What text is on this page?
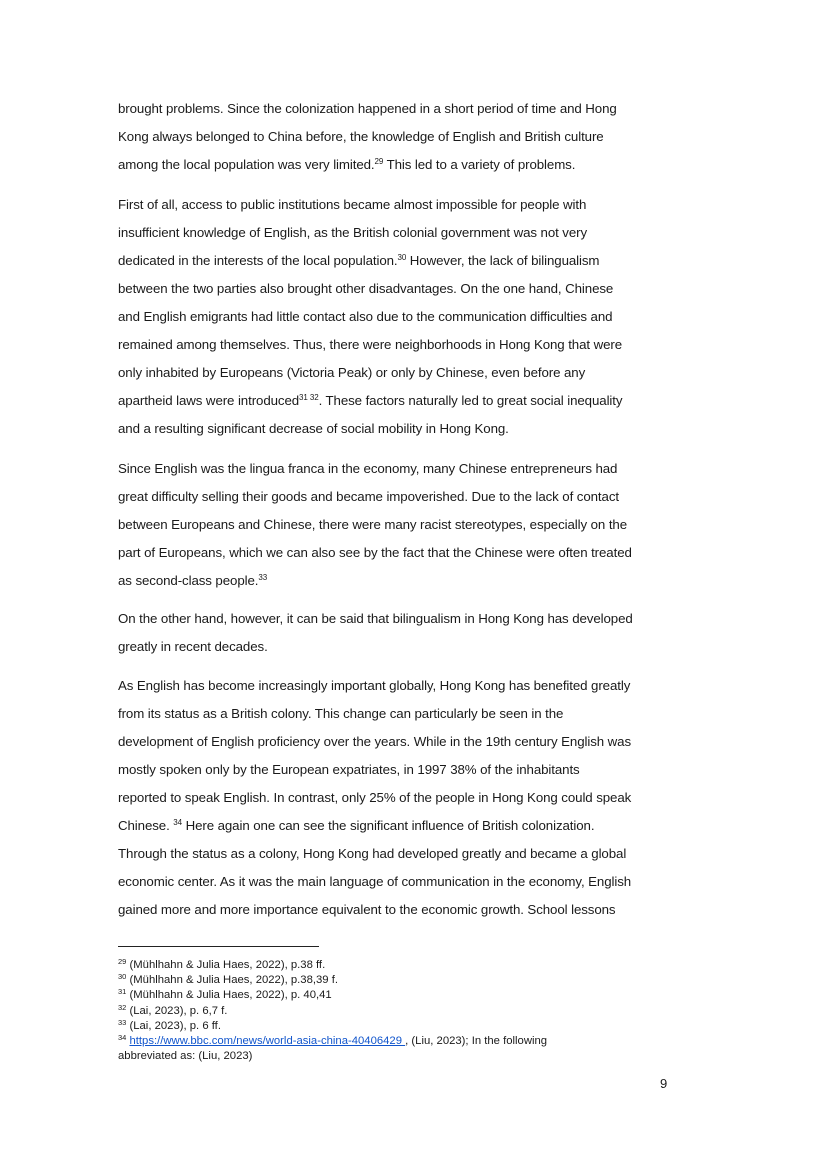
brought problems. Since the colonization happened in a short period of time and Hong
Kong always belonged to China before, the knowledge of English and British culture
among the local population was very limited.$^{29}$ This led to a variety of problems.
First of all, access to public institutions became almost impossible for people with
insufficient knowledge of English, as the British colonial government was not very
dedicated in the interests of the local population.$^{30}$ However, the lack of bilingualism
between the two parties also brought other disadvantages. On the one hand, Chinese
and English emigrants had little contact also due to the communication difficulties and
remained among themselves. Thus, there were neighborhoods in Hong Kong that were
only inhabited by Europeans (Victoria Peak) or only by Chinese, even before any
apartheid laws were introduced$^{31 32}$. These factors naturally led to great social inequality
and a resulting significant decrease of social mobility in Hong Kong.
Since English was the lingua franca in the economy, many Chinese entrepreneurs had
great difficulty selling their goods and became impoverished. Due to the lack of contact
between Europeans and Chinese, there were many racist stereotypes, especially on the
part of Europeans, which we can also see by the fact that the Chinese were often treated
as second-class people.$^{33}$
On the other hand, however, it can be said that bilingualism in Hong Kong has developed
greatly in recent decades.
As English has become increasingly important globally, Hong Kong has benefited greatly
from its status as a British colony. This change can particularly be seen in the
development of English proficiency over the years. While in the 19th century English was
mostly spoken only by the European expatriates, in 1997 38% of the inhabitants
reported to speak English. In contrast, only 25% of the people in Hong Kong could speak
Chinese. $^{34}$ Here again one can see the significant influence of British colonization.
Through the status as a colony, Hong Kong had developed greatly and became a global
economic center. As it was the main language of communication in the economy, English
gained more and more importance equivalent to the economic growth. School lessons
$^{29}$ (Mühlhahn & Julia Haes, 2022), p.38 ff.
$^{30}$ (Mühlhahn & Julia Haes, 2022), p.38,39 f.
$^{31}$ (Mühlhahn & Julia Haes, 2022), p. 40,41
$^{32}$ (Lai, 2023), p. 6,7 f.
$^{33}$ (Lai, 2023), p. 6 ff.
$^{34}$ https://www.bbc.com/news/world-asia-china-40406429 , (Liu, 2023); In the following
abbreviated as: (Liu, 2023)
9
